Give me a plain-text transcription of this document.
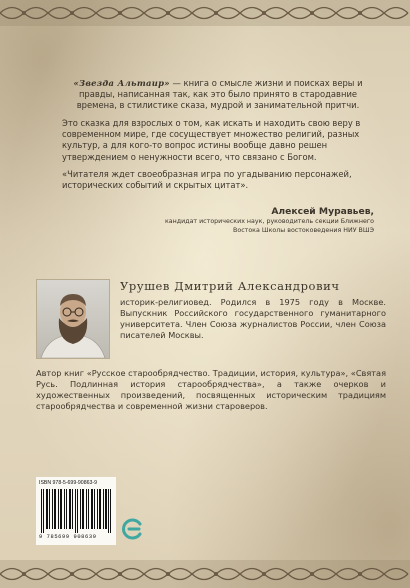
«Звезда Альтаир» — книга о смысле жизни и поисках веры и правды, написанная так, как это было принято в стародавние времена, в стилистике сказа, мудрой и занимательной притчи.
Это сказка для взрослых о том, как искать и находить свою веру в современном мире, где сосуществует множество религий, разных культур, а для кого-то вопрос истины вообще давно решен утверждением о ненужности всего, что связано с Богом.
«Читателя ждет своеобразная игра по угадыванию персонажей, исторических событий и скрытых цитат».
Алексей Муравьев,
кандидат исторических наук, руководитель секции Ближнего Востока Школы востоковедения НИУ ВШЭ
Урушев Дмитрий Александрович
историк-религиовед. Родился в 1975 году в Москве. Выпускник Российского государственного гуманитарного университета. Член Союза журналистов России, член Союза писателей Москвы.
Автор книг «Русское старообрядчество. Традиции, история, культура», «Святая Русь. Подлинная история старообрядчества», а также очерков и художественных произведений, посвященных историческим традициям старообрядчества и современной жизни староверов.
ISBN 978-5-699-90863-9
9 785699 908639
